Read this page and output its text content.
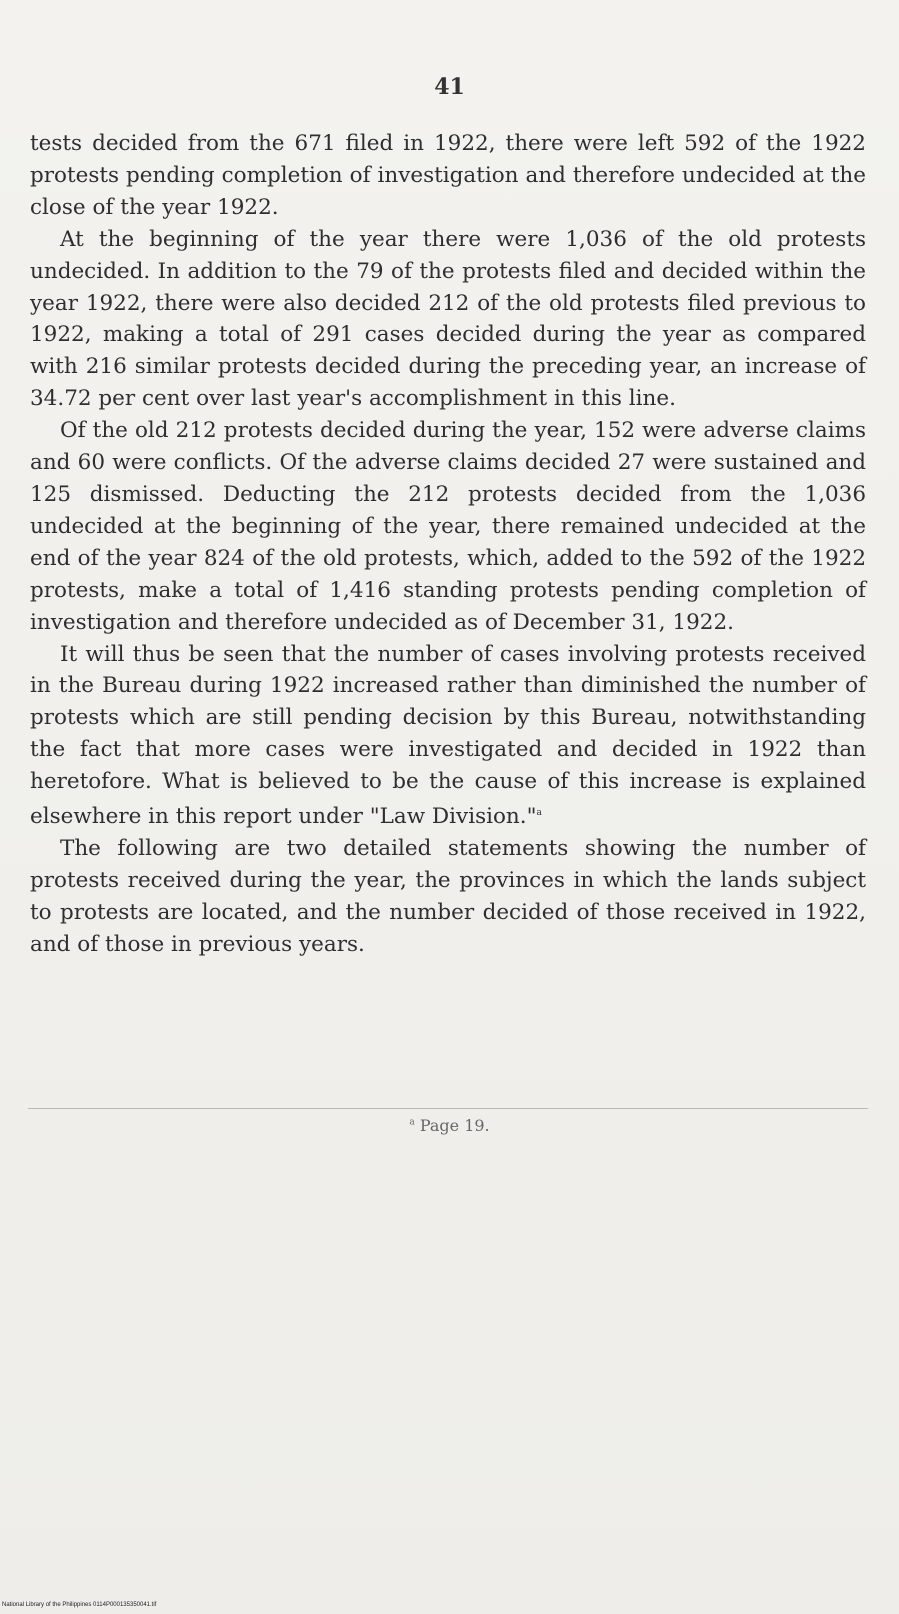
41

tests decided from the 671 filed in 1922, there were left 592 of the 1922 protests pending completion of investigation and therefore undecided at the close of the year 1922.

At the beginning of the year there were 1,036 of the old protests undecided. In addition to the 79 of the protests filed and decided within the year 1922, there were also decided 212 of the old protests filed previous to 1922, making a total of 291 cases decided during the year as compared with 216 similar protests decided during the preceding year, an increase of 34.72 per cent over last year's accomplishment in this line.

Of the old 212 protests decided during the year, 152 were adverse claims and 60 were conflicts. Of the adverse claims decided 27 were sustained and 125 dismissed. Deducting the 212 protests decided from the 1,036 undecided at the beginning of the year, there remained undecided at the end of the year 824 of the old protests, which, added to the 592 of the 1922 protests, make a total of 1,416 standing protests pending completion of investigation and therefore undecided as of December 31, 1922.

It will thus be seen that the number of cases involving protests received in the Bureau during 1922 increased rather than diminished the number of protests which are still pending decision by this Bureau, notwithstanding the fact that more cases were investigated and decided in 1922 than heretofore. What is believed to be the cause of this increase is explained elsewhere in this report under "Law Division."$^a$

The following are two detailed statements showing the number of protests received during the year, the provinces in which the lands subject to protests are located, and the number decided of those received in 1922, and of those in previous years.

$^a$ Page 19.
National Library of the Philippines 0114P000135350041.tif
